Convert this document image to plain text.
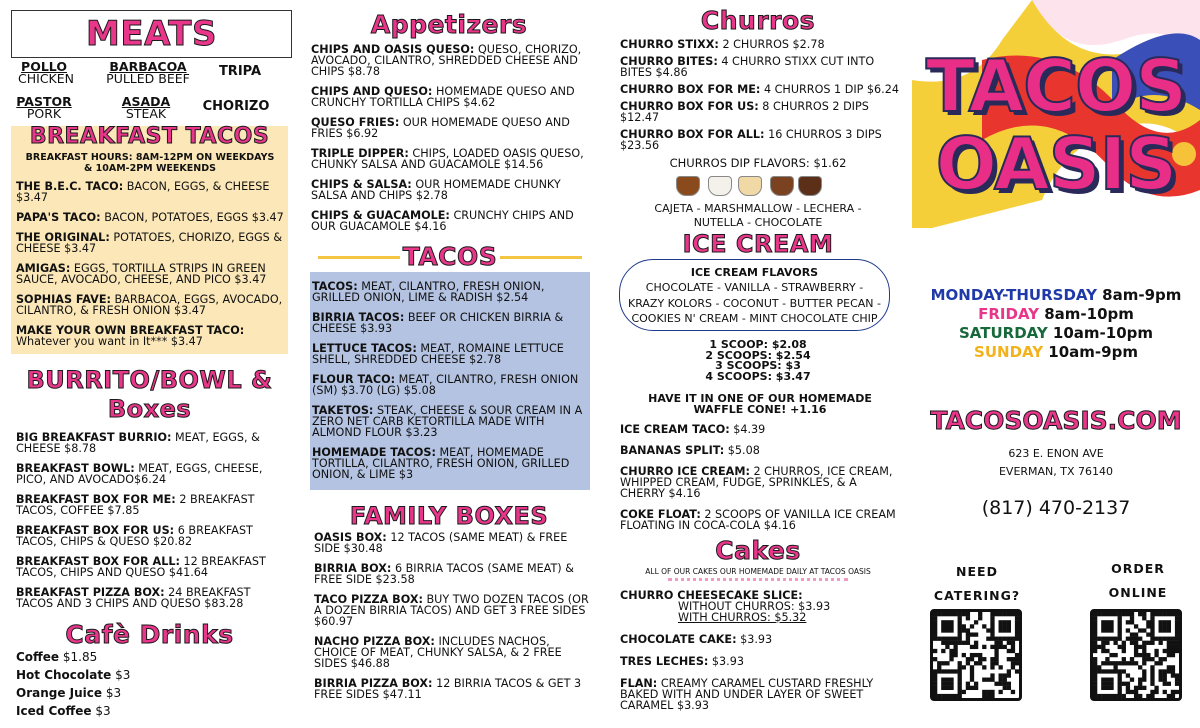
MEATS
POLLO
CHICKEN
BARBACOA
PULLED BEEF	TRIPA
PASTOR
PORK
ASADA
STEAK	CHORIZO
BREAKFAST TACOS
BREAKFAST HOURS: 8AM-12PM ON WEEKDAYS & 10AM-2PM WEEKENDS
THE B.E.C. TACO: BACON, EGGS, & CHEESE $3.47
PAPA'S TACO: BACON, POTATOES, EGGS $3.47
THE ORIGINAL: POTATOES, CHORIZO, EGGS & CHEESE $3.47
AMIGAS: EGGS, TORTILLA STRIPS IN GREEN SAUCE, AVOCADO, CHEESE, AND PICO $3.47
SOPHIAS FAVE: BARBACOA, EGGS, AVOCADO, CILANTRO, & FRESH ONION $3.47
MAKE YOUR OWN BREAKFAST TACO:
Whatever you want in It*** $3.47
BURRITO/BOWL & Boxes
BIG BREAKFAST BURRIO: MEAT, EGGS, & CHEESE $8.78
BREAKFAST BOWL: MEAT, EGGS, CHEESE, PICO, AND AVOCADO$6.24
BREAKFAST BOX FOR ME: 2 BREAKFAST TACOS, COFFEE $7.85
BREAKFAST BOX FOR US: 6 BREAKFAST TACOS, CHIPS & QUESO $20.82
BREAKFAST BOX FOR ALL: 12 BREAKFAST TACOS, CHIPS AND QUESO $41.64
BREAKFAST PIZZA BOX: 24 BREAKFAST TACOS AND 3 CHIPS AND QUESO $83.28
Cafè Drinks
Coffee $1.85
Hot Chocolate $3
Orange Juice $3
Iced Coffee $3
Appetizers
CHIPS AND OASIS QUESO: QUESO, CHORIZO, AVOCADO, CILANTRO, SHREDDED CHEESE AND CHIPS $8.78
CHIPS AND QUESO: HOMEMADE QUESO AND CRUNCHY TORTILLA CHIPS $4.62
QUESO FRIES: OUR HOMEMADE QUESO AND FRIES $6.92
TRIPLE DIPPER: CHIPS, LOADED OASIS QUESO, CHUNKY SALSA AND GUACAMOLE $14.56
CHIPS & SALSA: OUR HOMEMADE CHUNKY SALSA AND CHIPS $2.78
CHIPS & GUACAMOLE: CRUNCHY CHIPS AND OUR GUACAMOLE $4.16
TACOS
TACOS: MEAT, CILANTRO, FRESH ONION, GRILLED ONION, LIME & RADISH $2.54
BIRRIA TACOS: BEEF OR CHICKEN BIRRIA & CHEESE $3.93
LETTUCE TACOS: MEAT, ROMAINE LETTUCE SHELL, SHREDDED CHEESE $2.78
FLOUR TACO: MEAT, CILANTRO, FRESH ONION (SM) $3.70 (LG) $5.08
TAKETOS: STEAK, CHEESE & SOUR CREAM IN A ZERO NET CARB KETORTILLA MADE WITH ALMOND FLOUR $3.23
HOMEMADE TACOS: MEAT, HOMEMADE TORTILLA, CILANTRO, FRESH ONION, GRILLED ONION, & LIME $3
FAMILY BOXES
OASIS BOX: 12 TACOS (SAME MEAT) & FREE SIDE $30.48
BIRRIA BOX: 6 BIRRIA TACOS (SAME MEAT) & FREE SIDE $23.58
TACO PIZZA BOX: BUY TWO DOZEN TACOS (OR A DOZEN BIRRIA TACOS) AND GET 3 FREE SIDES $60.97
NACHO PIZZA BOX: INCLUDES NACHOS, CHOICE OF MEAT, CHUNKY SALSA, & 2 FREE SIDES $46.88
BIRRIA PIZZA BOX: 12 BIRRIA TACOS & GET 3 FREE SIDES $47.11
Churros
CHURRO STIXX: 2 CHURROS $2.78
CHURRO BITES: 4 CHURRO STIXX CUT INTO BITES $4.86
CHURRO BOX FOR ME: 4 CHURROS 1 DIP $6.24
CHURRO BOX FOR US: 8 CHURROS 2 DIPS $12.47
CHURRO BOX FOR ALL: 16 CHURROS 3 DIPS $23.56
CHURROS DIP FLAVORS: $1.62
CAJETA - MARSHMALLOW - LECHERA -
NUTELLA - CHOCOLATE
ICE CREAM
ICE CREAM FLAVORS
CHOCOLATE - VANILLA - STRAWBERRY -
KRAZY KOLORS - COCONUT - BUTTER PECAN -
COOKIES N' CREAM - MINT CHOCOLATE CHIP
1 SCOOP: $2.08
2 SCOOPS: $2.54
3 SCOOPS: $3
4 SCOOPS: $3.47
HAVE IT IN ONE OF OUR HOMEMADE
WAFFLE CONE! +1.16
ICE CREAM TACO: $4.39
BANANAS SPLIT: $5.08
CHURRO ICE CREAM: 2 CHURROS, ICE CREAM, WHIPPED CREAM, FUDGE, SPRINKLES, & A CHERRY $4.16
COKE FLOAT: 2 SCOOPS OF VANILLA ICE CREAM FLOATING IN COCA-COLA $4.16
Cakes
ALL OF OUR CAKES OUR HOMEMADE DAILY AT TACOS OASIS
CHURRO CHEESECAKE SLICE:
WITHOUT CHURROS: $3.93
WITH CHURROS: $5.32
CHOCOLATE CAKE: $3.93
TRES LECHES: $3.93
FLAN: CREAMY CARAMEL CUSTARD FRESHLY BAKED WITH AND UNDER LAYER OF SWEET CARAMEL $3.93
TACOS
OASIS
MONDAY-THURSDAY 8am-9pm
FRIDAY 8am-10pm
SATURDAY 10am-10pm
SUNDAY 10am-9pm
TACOSOASIS.COM
623 E. ENON AVE
EVERMAN, TX 76140
(817) 470-2137
NEED
CATERING?
ORDER
ONLINE
